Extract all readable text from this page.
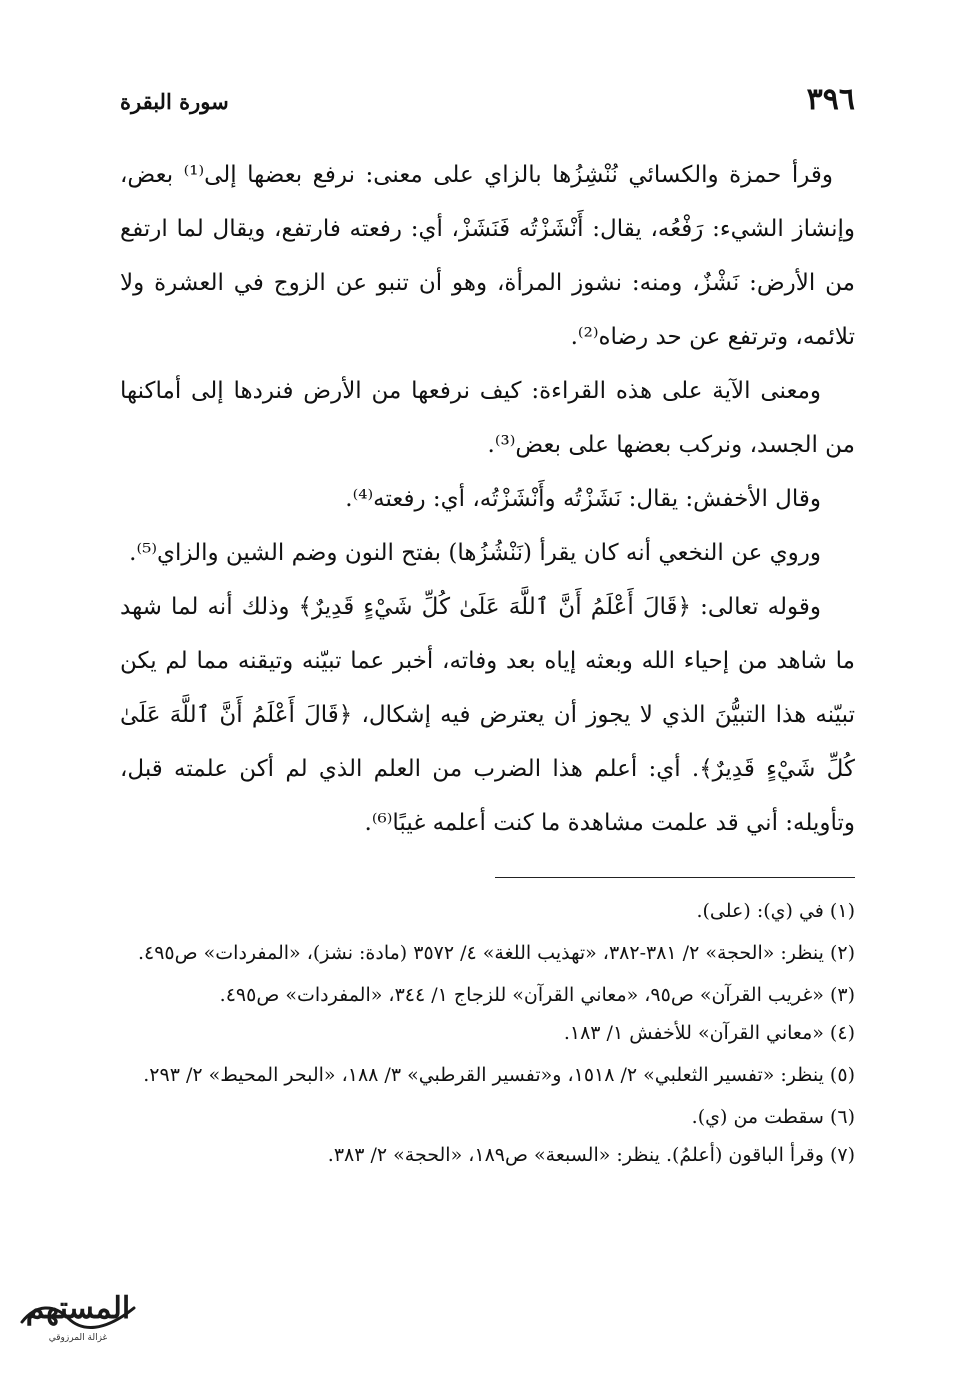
٣٩٦
سورة البقرة

وقرأ حمزة والكسائي نُنْشِزُها بالزاي على معنى: نرفع بعضها إلى⁽¹⁾ بعض، وإنشاز الشيء: رَفْعُه، يقال: أَنْشَزْتُه فَنَشَزْ، أي: رفعته فارتفع، ويقال لما ارتفع من الأرض: نَشْزٌ، ومنه: نشوز المرأة، وهو أن تنبو عن الزوج في العشرة ولا تلائمه، وترتفع عن حد رضاه⁽²⁾.

ومعنى الآية على هذه القراءة: كيف نرفعها من الأرض فنردها إلى أماكنها من الجسد، ونركب بعضها على بعض⁽³⁾.

وقال الأخفش: يقال: نَشَزْتُه وأَنْشَزْتُه، أي: رفعته⁽⁴⁾.

وروي عن النخعي أنه كان يقرأ (نَنْشُزُها) بفتح النون وضم الشين والزاي⁽⁵⁾.

وقوله تعالى: ﴿قَالَ أَعْلَمُ أَنَّ ٱللَّهَ عَلَىٰ كُلِّ شَيْءٍ قَدِيرٌ﴾ وذلك أنه لما شهد ما شاهد من إحياء الله وبعثه إياه بعد وفاته، أخبر عما تبيّنه وتيقنه مما لم يكن تبيّنه هذا التبيُّنَ الذي لا يجوز أن يعترض فيه إشكال، ﴿قَالَ أَعْلَمُ أَنَّ ٱللَّهَ عَلَىٰ كُلِّ شَيْءٍ قَدِيرٌ﴾. أي: أعلم هذا الضرب من العلم الذي لم أكن علمته قبل، وتأويله: أني قد علمت مشاهدة ما كنت أعلمه غيبًا⁽⁶⁾.

(١) في (ي): (على).

(٢) ينظر: «الحجة» ٢/ ٣٨١-٣٨٢، «تهذيب اللغة» ٤/ ٣٥٧٢ (مادة: نشز)، «المفردات» ص٤٩٥.

(٣) «غريب القرآن» ص٩٥، «معاني القرآن» للزجاج ١/ ٣٤٤، «المفردات» ص٤٩٥.

(٤) «معاني القرآن» للأخفش ١/ ١٨٣.

(٥) ينظر: «تفسير الثعلبي» ٢/ ١٥١٨، و«تفسير القرطبي» ٣/ ١٨٨، «البحر المحيط» ٢/ ٢٩٣.

(٦) سقطت من (ي).

(٧) وقرأ الباقون (أعلمُ). ينظر: «السبعة» ص١٨٩، «الحجة» ٢/ ٣٨٣.

المستهم
غزالة المرزوقي
